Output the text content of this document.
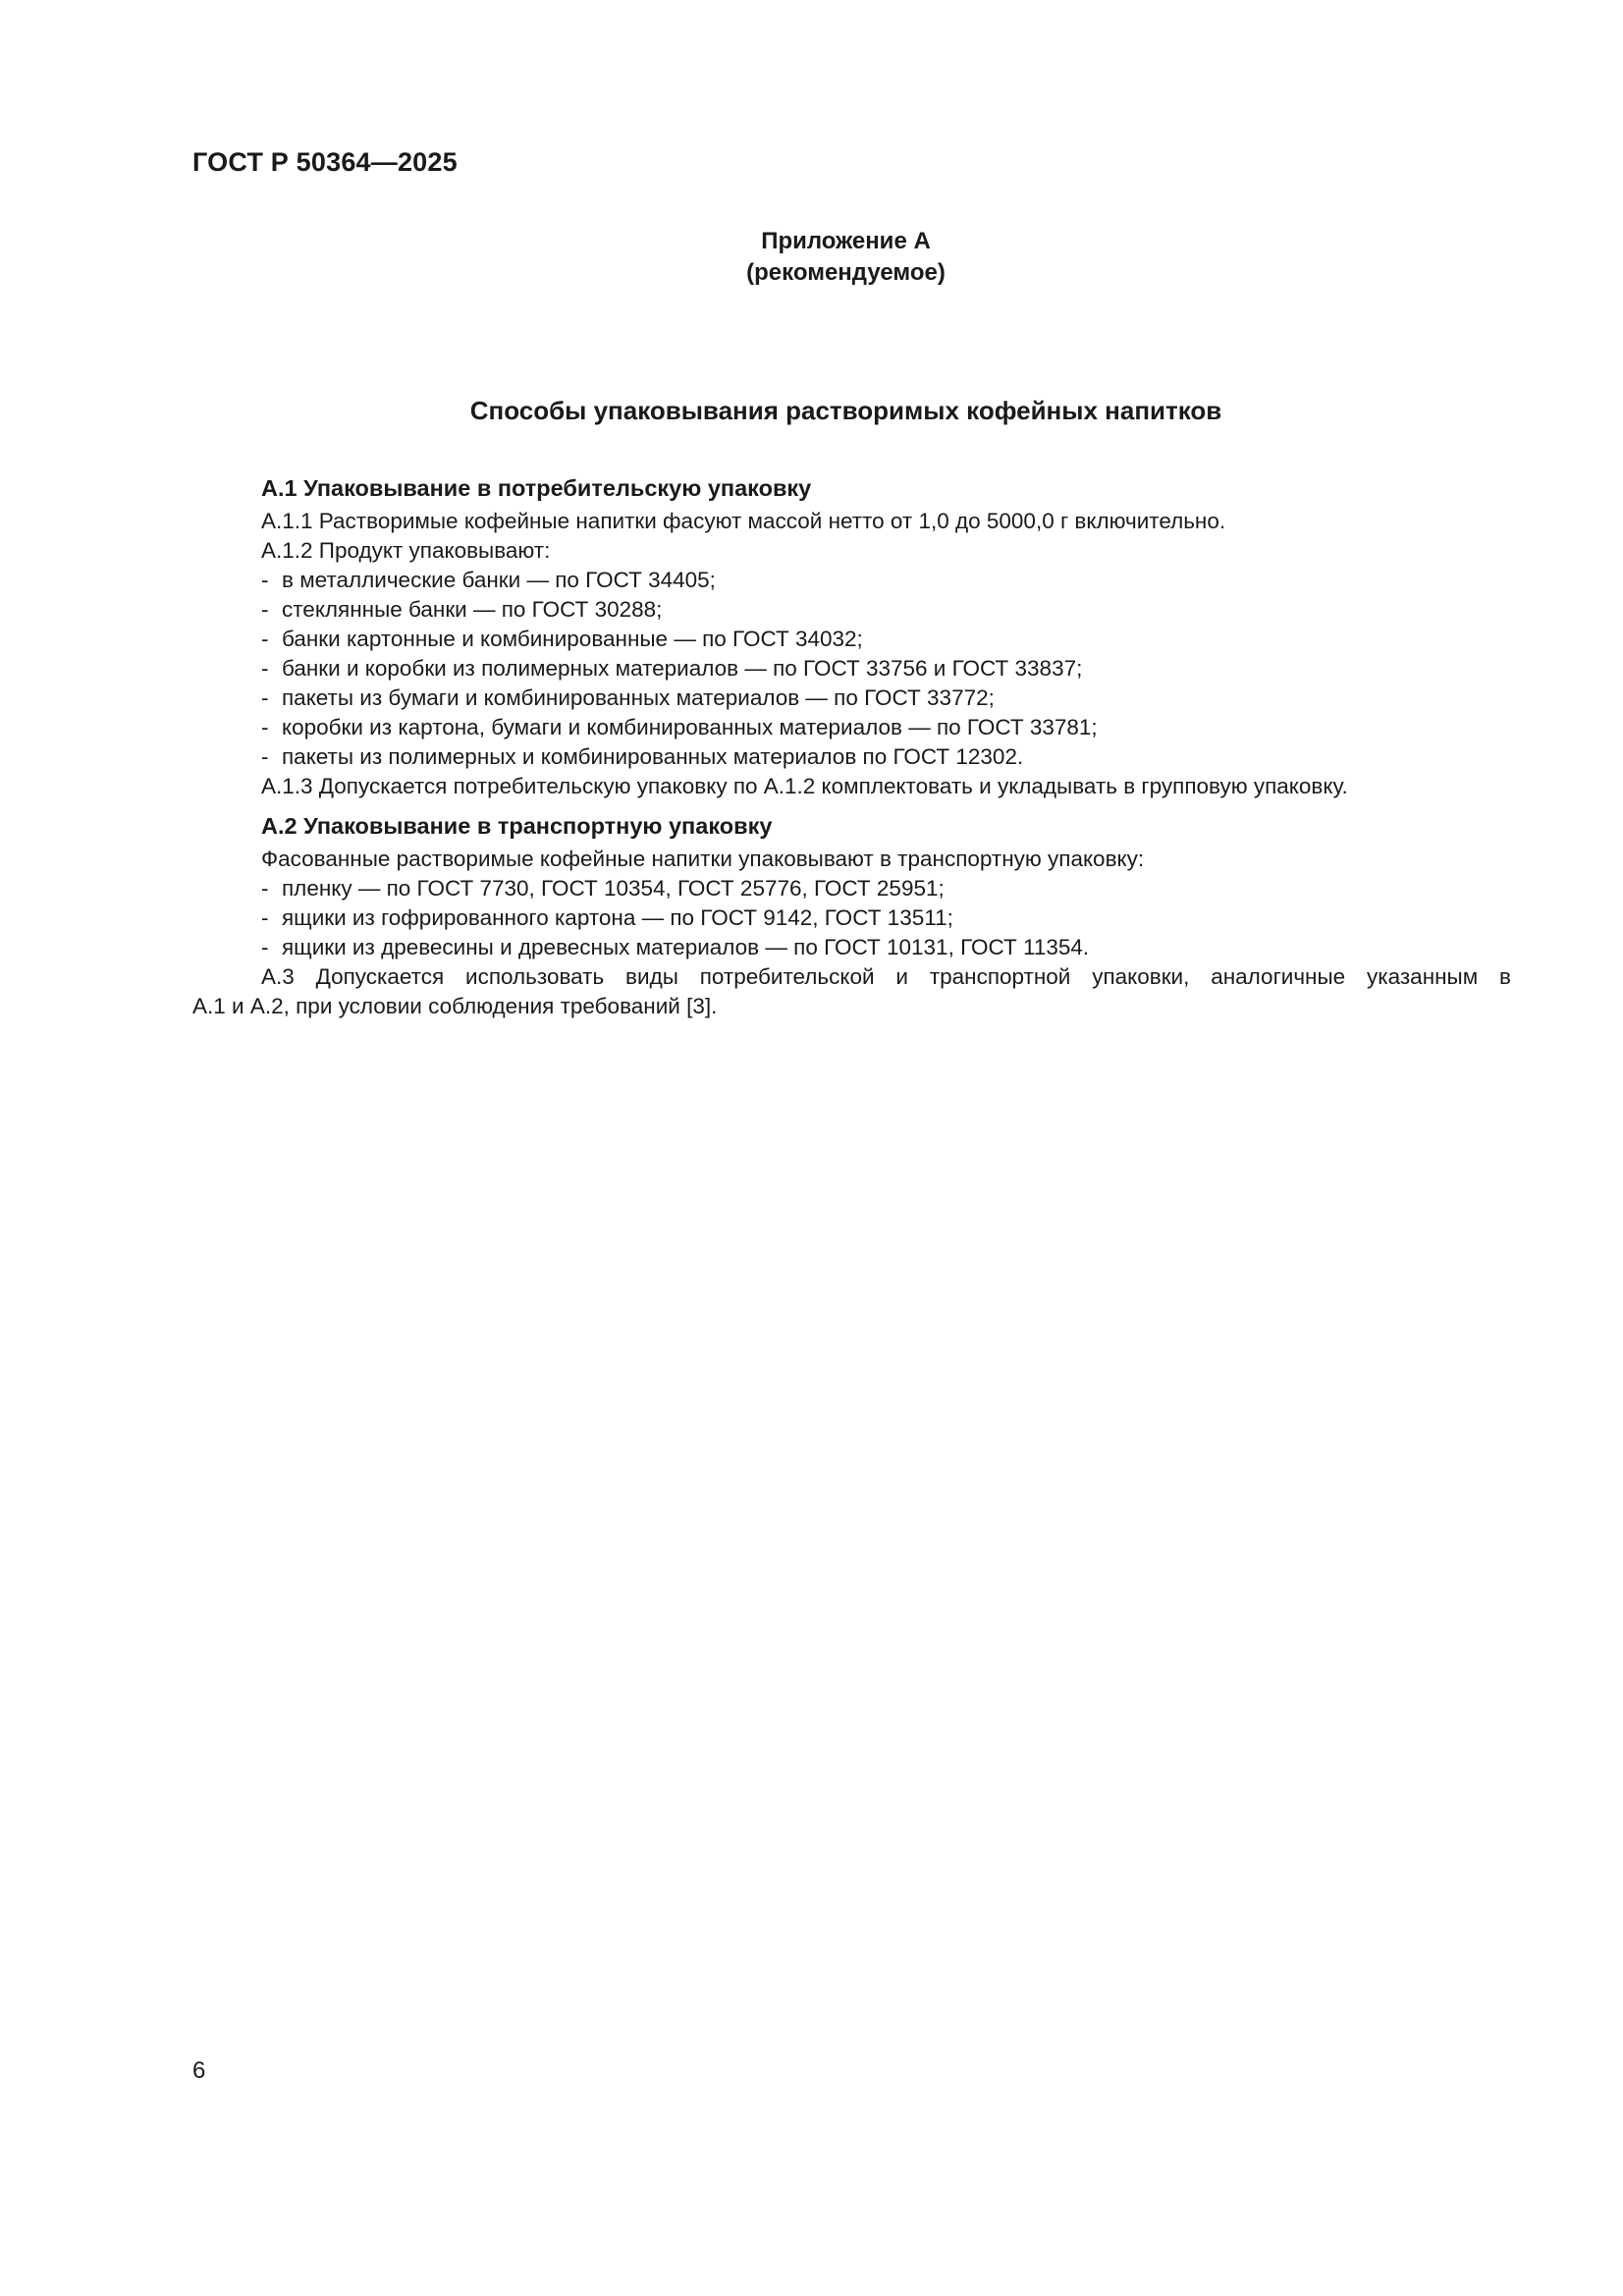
ГОСТ Р 50364—2025
Приложение А
(рекомендуемое)
Способы упаковывания растворимых кофейных напитков
А.1 Упаковывание в потребительскую упаковку
А.1.1 Растворимые кофейные напитки фасуют массой нетто от 1,0 до 5000,0 г включительно.
А.1.2 Продукт упаковывают:
- в металлические банки — по ГОСТ 34405;
- стеклянные банки — по ГОСТ 30288;
- банки картонные и комбинированные — по ГОСТ 34032;
- банки и коробки из полимерных материалов — по ГОСТ 33756 и ГОСТ 33837;
- пакеты из бумаги и комбинированных материалов — по ГОСТ 33772;
- коробки из картона, бумаги и комбинированных материалов — по ГОСТ 33781;
- пакеты из полимерных и комбинированных материалов по ГОСТ 12302.
А.1.3 Допускается потребительскую упаковку по А.1.2 комплектовать и укладывать в групповую упаковку.
А.2 Упаковывание в транспортную упаковку
Фасованные растворимые кофейные напитки упаковывают в транспортную упаковку:
- пленку — по ГОСТ 7730, ГОСТ 10354, ГОСТ 25776, ГОСТ 25951;
- ящики из гофрированного картона — по ГОСТ 9142, ГОСТ 13511;
- ящики из древесины и древесных материалов — по ГОСТ 10131, ГОСТ 11354.
А.3 Допускается использовать виды потребительской и транспортной упаковки, аналогичные указанным в
А.1 и А.2, при условии соблюдения требований [3].
6
